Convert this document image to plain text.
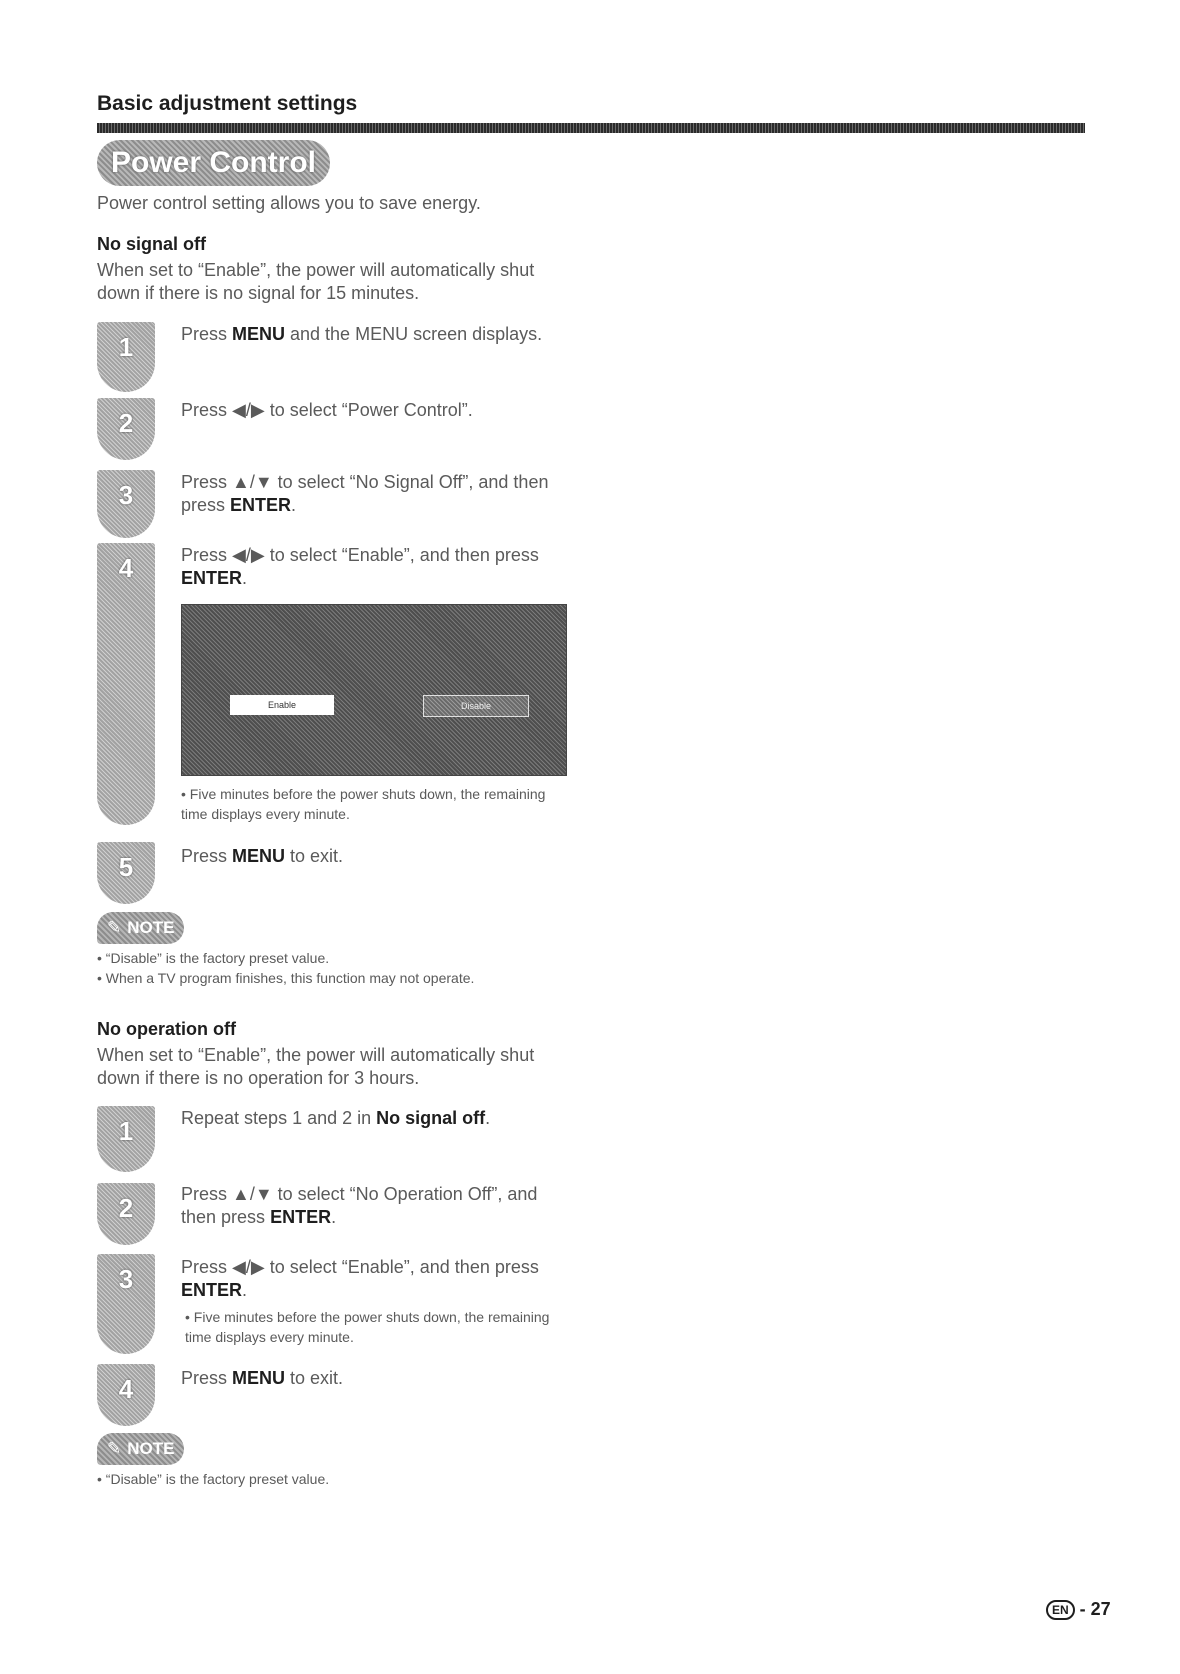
Basic adjustment settings
Power Control
Power control setting allows you to save energy.
No signal off
When set to “Enable”, the power will automatically shut down if there is no signal for 15 minutes.
1	Press MENU and the MENU screen displays.
2	Press ◀/▶ to select “Power Control”.
3	Press ▲/▼ to select “No Signal Off”, and then press ENTER.
4	Press ◀/▶ to select “Enable”, and then press ENTER.
Enable	Disable
• Five minutes before the power shuts down, the remaining time displays every minute.
5	Press MENU to exit.
✎ NOTE
• “Disable” is the factory preset value.
• When a TV program finishes, this function may not operate.
No operation off
When set to “Enable”, the power will automatically shut down if there is no operation for 3 hours.
1	Repeat steps 1 and 2 in No signal off.
2	Press ▲/▼ to select “No Operation Off”, and then press ENTER.
3	Press ◀/▶ to select “Enable”, and then press ENTER.
• Five minutes before the power shuts down, the remaining time displays every minute.
4	Press MENU to exit.
✎ NOTE
• “Disable” is the factory preset value.
EN - 27
